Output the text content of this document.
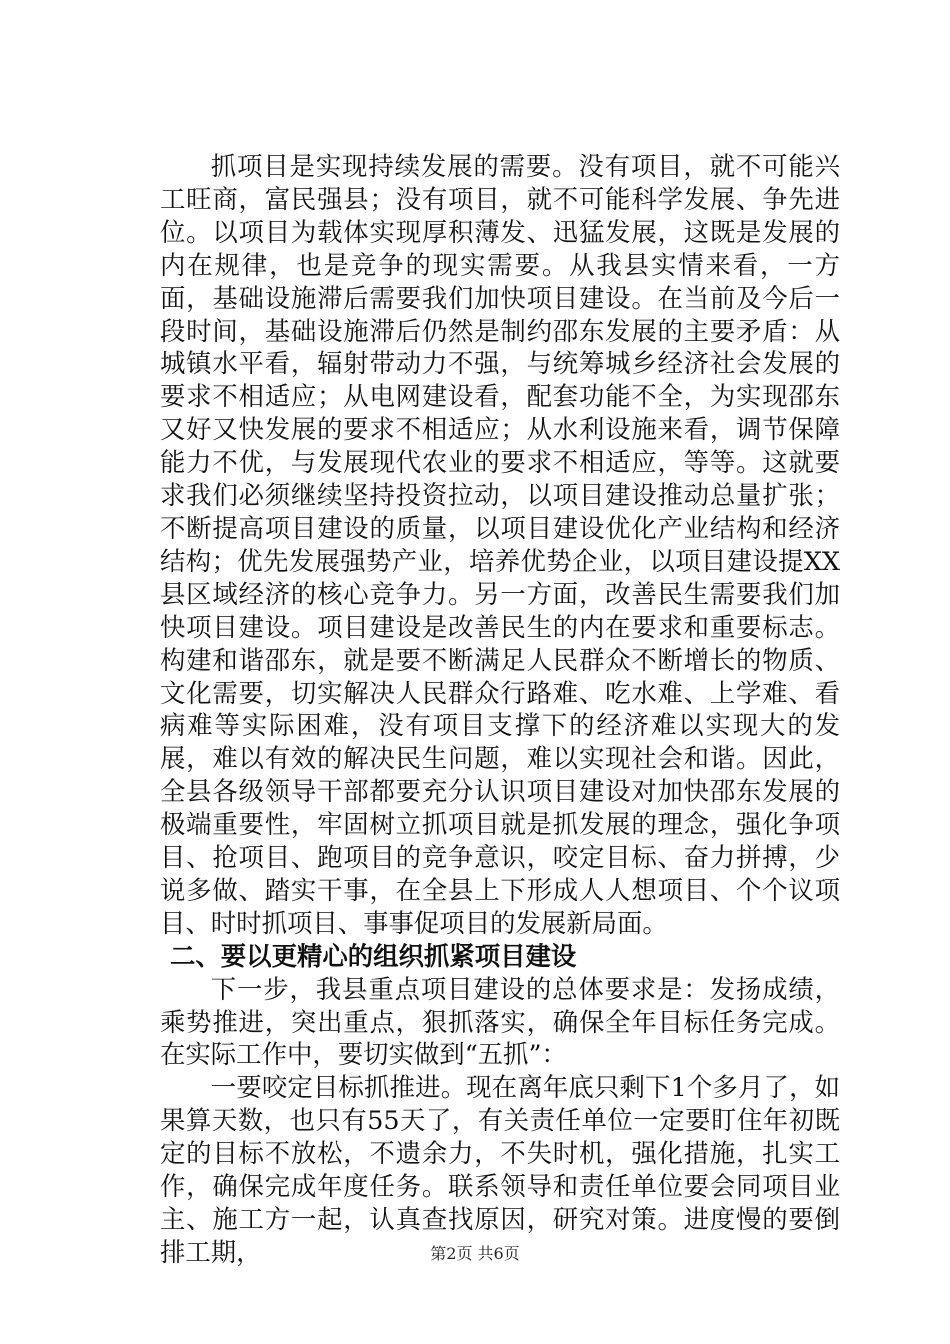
抓项目是实现持续发展的需要。没有项目，就不可能兴工旺商，富民强县；没有项目，就不可能科学发展、争先进位。以项目为载体实现厚积薄发、迅猛发展，这既是发展的内在规律，也是竞争的现实需要。从我县实情来看，一方面，基础设施滞后需要我们加快项目建设。在当前及今后一段时间，基础设施滞后仍然是制约邵东发展的主要矛盾：从城镇水平看，辐射带动力不强，与统筹城乡经济社会发展的要求不相适应；从电网建设看，配套功能不全，为实现邵东又好又快发展的要求不相适应；从水利设施来看，调节保障能力不优，与发展现代农业的要求不相适应，等等。这就要求我们必须继续坚持投资拉动，以项目建设推动总量扩张；不断提高项目建设的质量，以项目建设优化产业结构和经济结构；优先发展强势产业，培养优势企业，以项目建设提XX县区域经济的核心竞争力。另一方面，改善民生需要我们加快项目建设。项目建设是改善民生的内在要求和重要标志。构建和谐邵东，就是要不断满足人民群众不断增长的物质、文化需要，切实解决人民群众行路难、吃水难、上学难、看病难等实际困难，没有项目支撑下的经济难以实现大的发展，难以有效的解决民生问题，难以实现社会和谐。因此，全县各级领导干部都要充分认识项目建设对加快邵东发展的极端重要性，牢固树立抓项目就是抓发展的理念，强化争项目、抢项目、跑项目的竞争意识，咬定目标、奋力拼搏，少说多做、踏实干事，在全县上下形成人人想项目、个个议项目、时时抓项目、事事促项目的发展新局面。

二、要以更精心的组织抓紧项目建设

下一步，我县重点项目建设的总体要求是：发扬成绩，乘势推进，突出重点，狠抓落实，确保全年目标任务完成。在实际工作中，要切实做到“五抓”：

一要咬定目标抓推进。现在离年底只剩下1个多月了，如果算天数，也只有55天了，有关责任单位一定要盯住年初既定的目标不放松，不遗余力，不失时机，强化措施，扎实工作，确保完成年度任务。联系领导和责任单位要会同项目业主、施工方一起，认真查找原因，研究对策。进度慢的要倒排工期，	第2页 共6页
